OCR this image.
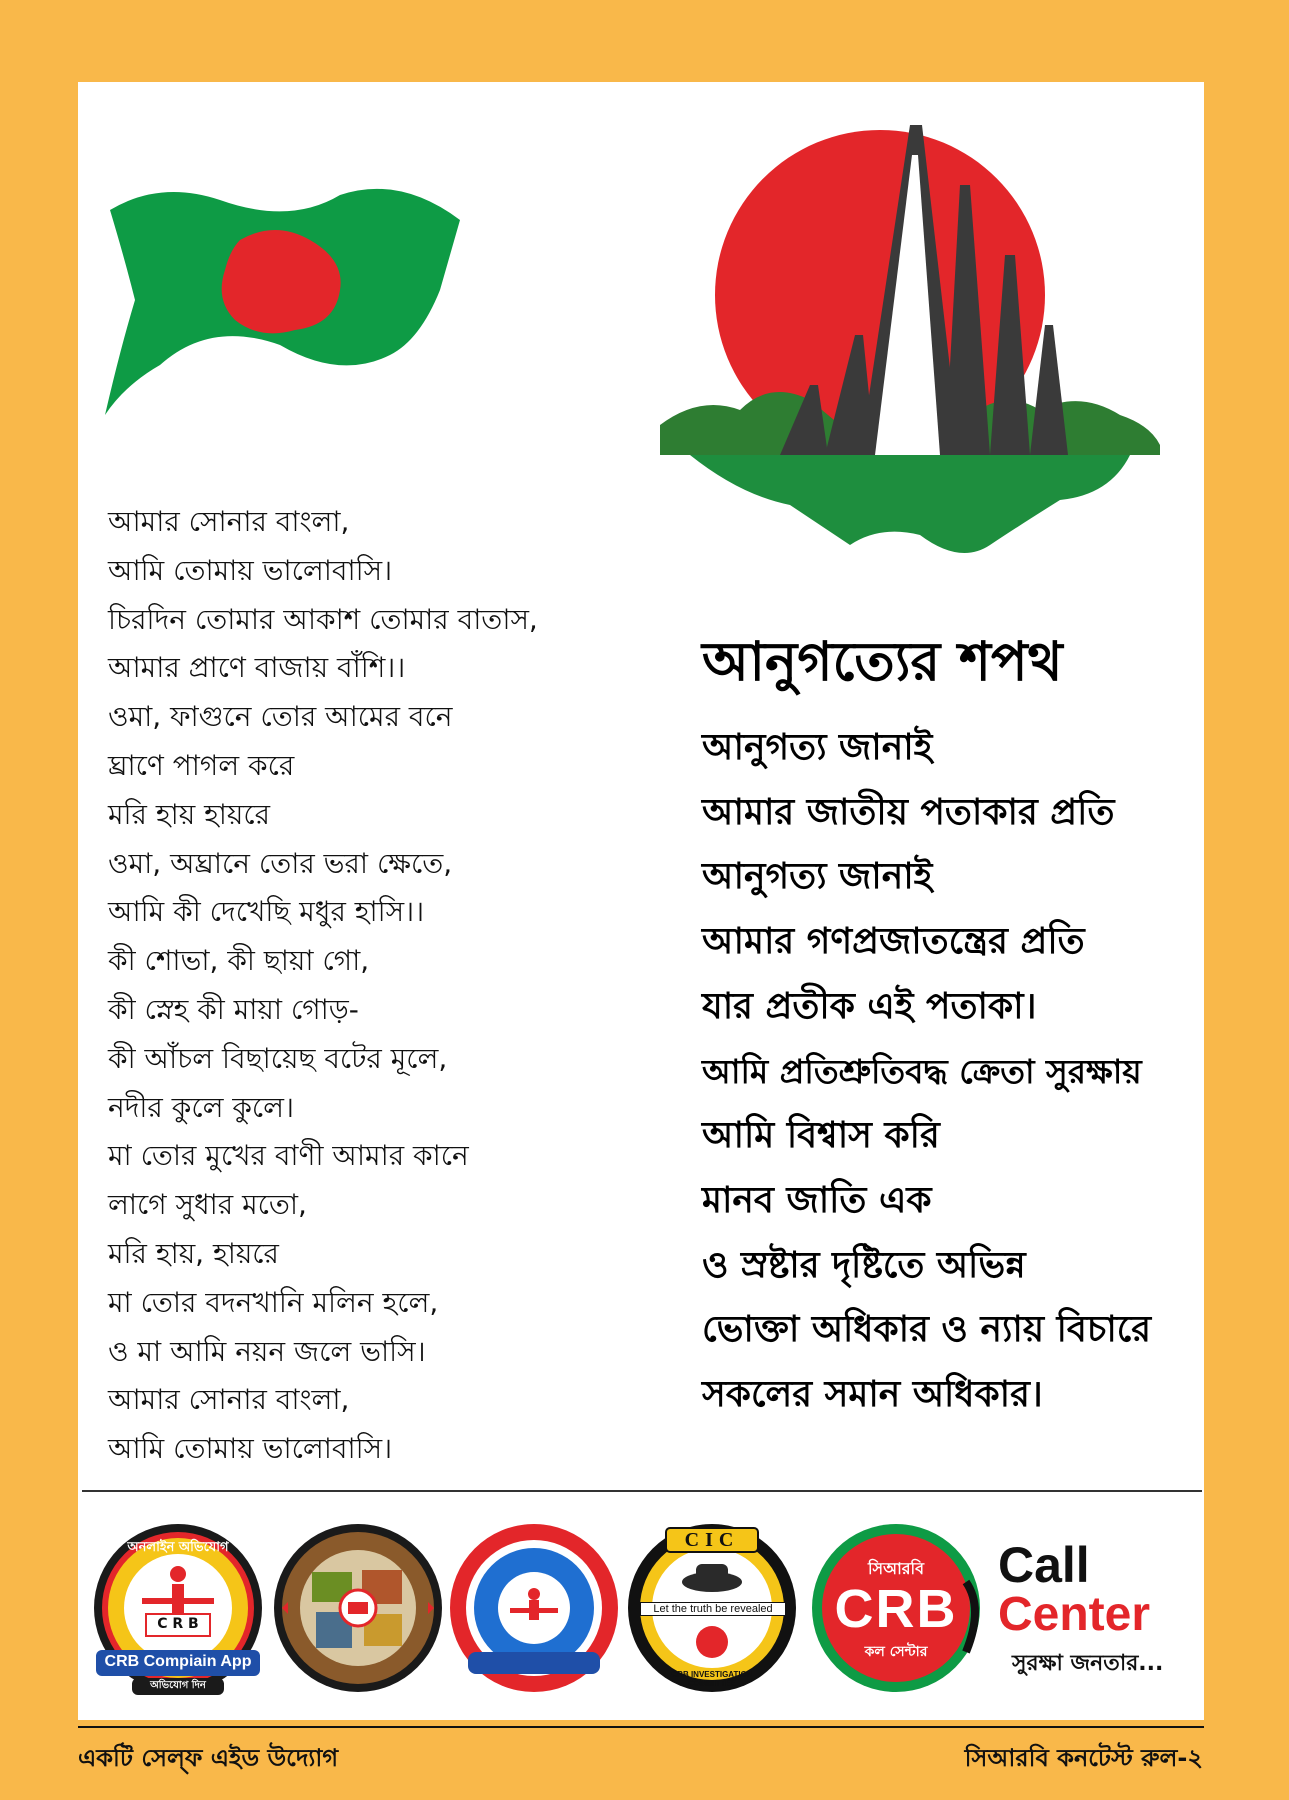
আমার সোনার বাংলা,
আমি তোমায় ভালোবাসি।
চিরদিন তোমার আকাশ তোমার বাতাস,
আমার প্রাণে বাজায় বাঁশি।।
ওমা, ফাগুনে তোর আমের বনে
ঘ্রাণে পাগল করে
মরি হায় হায়রে
ওমা, অঘ্রানে তোর ভরা ক্ষেতে,
আমি কী দেখেছি মধুর হাসি।।
কী শোভা, কী ছায়া গো,
কী স্নেহ কী মায়া গোড়-
কী আঁচল বিছায়েছ বটের মূলে,
নদীর কুলে কুলে।
মা তোর মুখের বাণী আমার কানে
লাগে সুধার মতো,
মরি হায়, হায়রে
মা তোর বদনখানি মলিন হলে,
ও মা আমি নয়ন জলে ভাসি।
আমার সোনার বাংলা,
আমি তোমায় ভালোবাসি।
আনুগত্যের শপথ
আনুগত্য জানাই
আমার জাতীয় পতাকার প্রতি
আনুগত্য জানাই
আমার গণপ্রজাতন্ত্রের প্রতি
যার প্রতীক এই পতাকা।
আমি প্রতিশ্রুতিবদ্ধ ক্রেতা সুরক্ষায়
আমি বিশ্বাস করি
মানব জাতি এক
ও স্রষ্টার দৃষ্টিতে অভিন্ন
ভোক্তা অধিকার ও ন্যায় বিচারে
সকলের সমান অধিকার।
অনলাইন অভিযোগ
C R B
CRB Compiain App
অভিযোগ দিন
CIC
Let the truth be revealed
CRB INVESTIGATION COMMITTEE
সিআরবি
CRB
কল সেন্টার
Call
Center
সুরক্ষা জনতার...
একটি সেল্‌ফ এইড উদ্যোগ	সিআরবি কনটেস্ট রুল-২
